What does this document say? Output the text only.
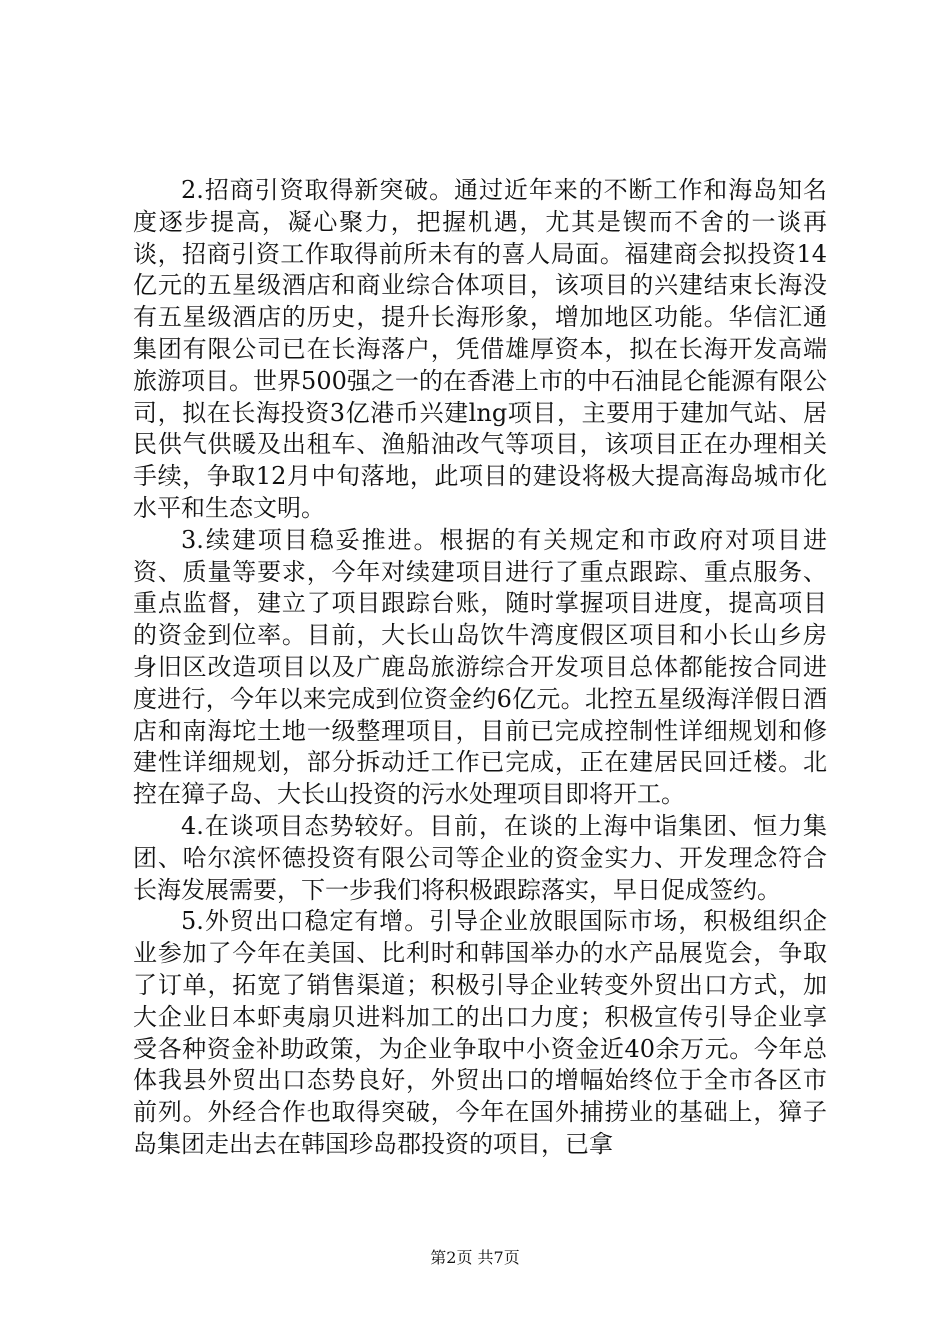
2.招商引资取得新突破。通过近年来的不断工作和海岛知名度逐步提高，凝心聚力，把握机遇，尤其是锲而不舍的一谈再谈，招商引资工作取得前所未有的喜人局面。福建商会拟投资14亿元的五星级酒店和商业综合体项目，该项目的兴建结束长海没有五星级酒店的历史，提升长海形象，增加地区功能。华信汇通集团有限公司已在长海落户，凭借雄厚资本，拟在长海开发高端旅游项目。世界500强之一的在香港上市的中石油昆仑能源有限公司，拟在长海投资3亿港币兴建lng项目，主要用于建加气站、居民供气供暖及出租车、渔船油改气等项目，该项目正在办理相关手续，争取12月中旬落地，此项目的建设将极大提高海岛城市化水平和生态文明。

3.续建项目稳妥推进。根据的有关规定和市政府对项目进资、质量等要求，今年对续建项目进行了重点跟踪、重点服务、重点监督，建立了项目跟踪台账，随时掌握项目进度，提高项目的资金到位率。目前，大长山岛饮牛湾度假区项目和小长山乡房身旧区改造项目以及广鹿岛旅游综合开发项目总体都能按合同进度进行，今年以来完成到位资金约6亿元。北控五星级海洋假日酒店和南海坨土地一级整理项目，目前已完成控制性详细规划和修建性详细规划，部分拆动迁工作已完成，正在建居民回迁楼。北控在獐子岛、大长山投资的污水处理项目即将开工。

4.在谈项目态势较好。目前，在谈的上海中诣集团、恒力集团、哈尔滨怀德投资有限公司等企业的资金实力、开发理念符合长海发展需要，下一步我们将积极跟踪落实，早日促成签约。

5.外贸出口稳定有增。引导企业放眼国际市场，积极组织企业参加了今年在美国、比利时和韩国举办的水产品展览会，争取了订单，拓宽了销售渠道；积极引导企业转变外贸出口方式，加大企业日本虾夷扇贝进料加工的出口力度；积极宣传引导企业享受各种资金补助政策，为企业争取中小资金近40余万元。今年总体我县外贸出口态势良好，外贸出口的增幅始终位于全市各区市前列。外经合作也取得突破，今年在国外捕捞业的基础上，獐子岛集团走出去在韩国珍岛郡投资的项目，已拿

第2页 共7页
